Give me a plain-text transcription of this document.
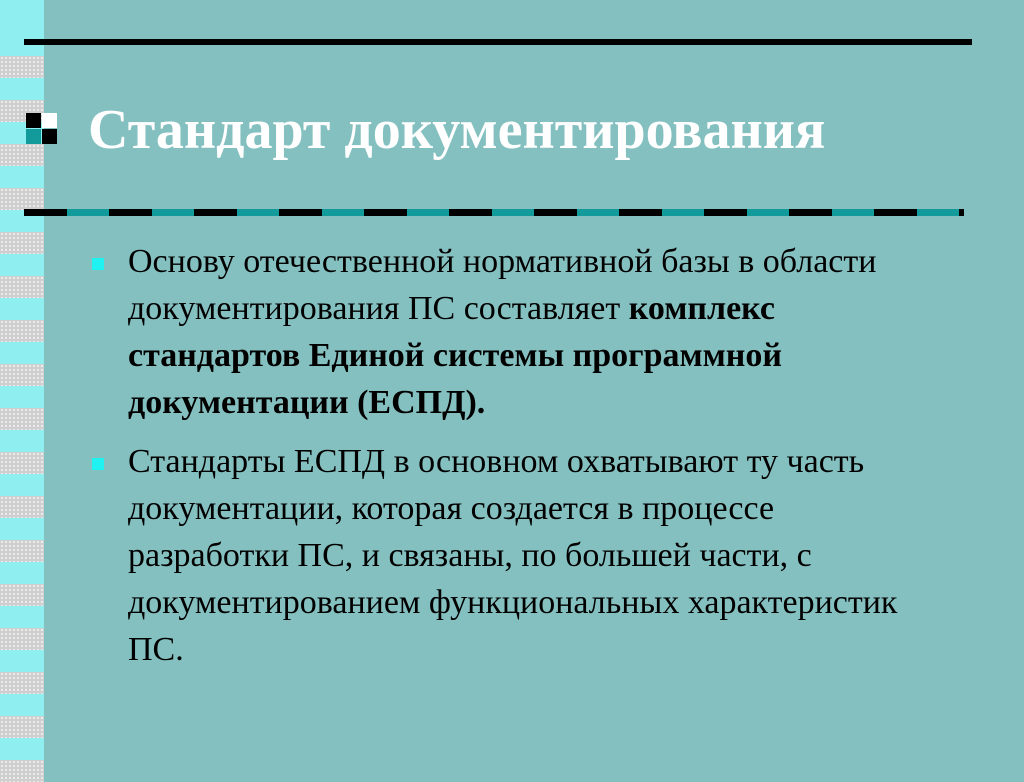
Стандарт документирования
Основу отечественной нормативной базы в области документирования ПС составляет комплекс стандартов Единой системы программной документации (ЕСПД).
Стандарты ЕСПД в основном охватывают ту часть документации, которая создается в процессе разработки ПС, и связаны, по большей части, с документированием функциональных характеристик ПС.
